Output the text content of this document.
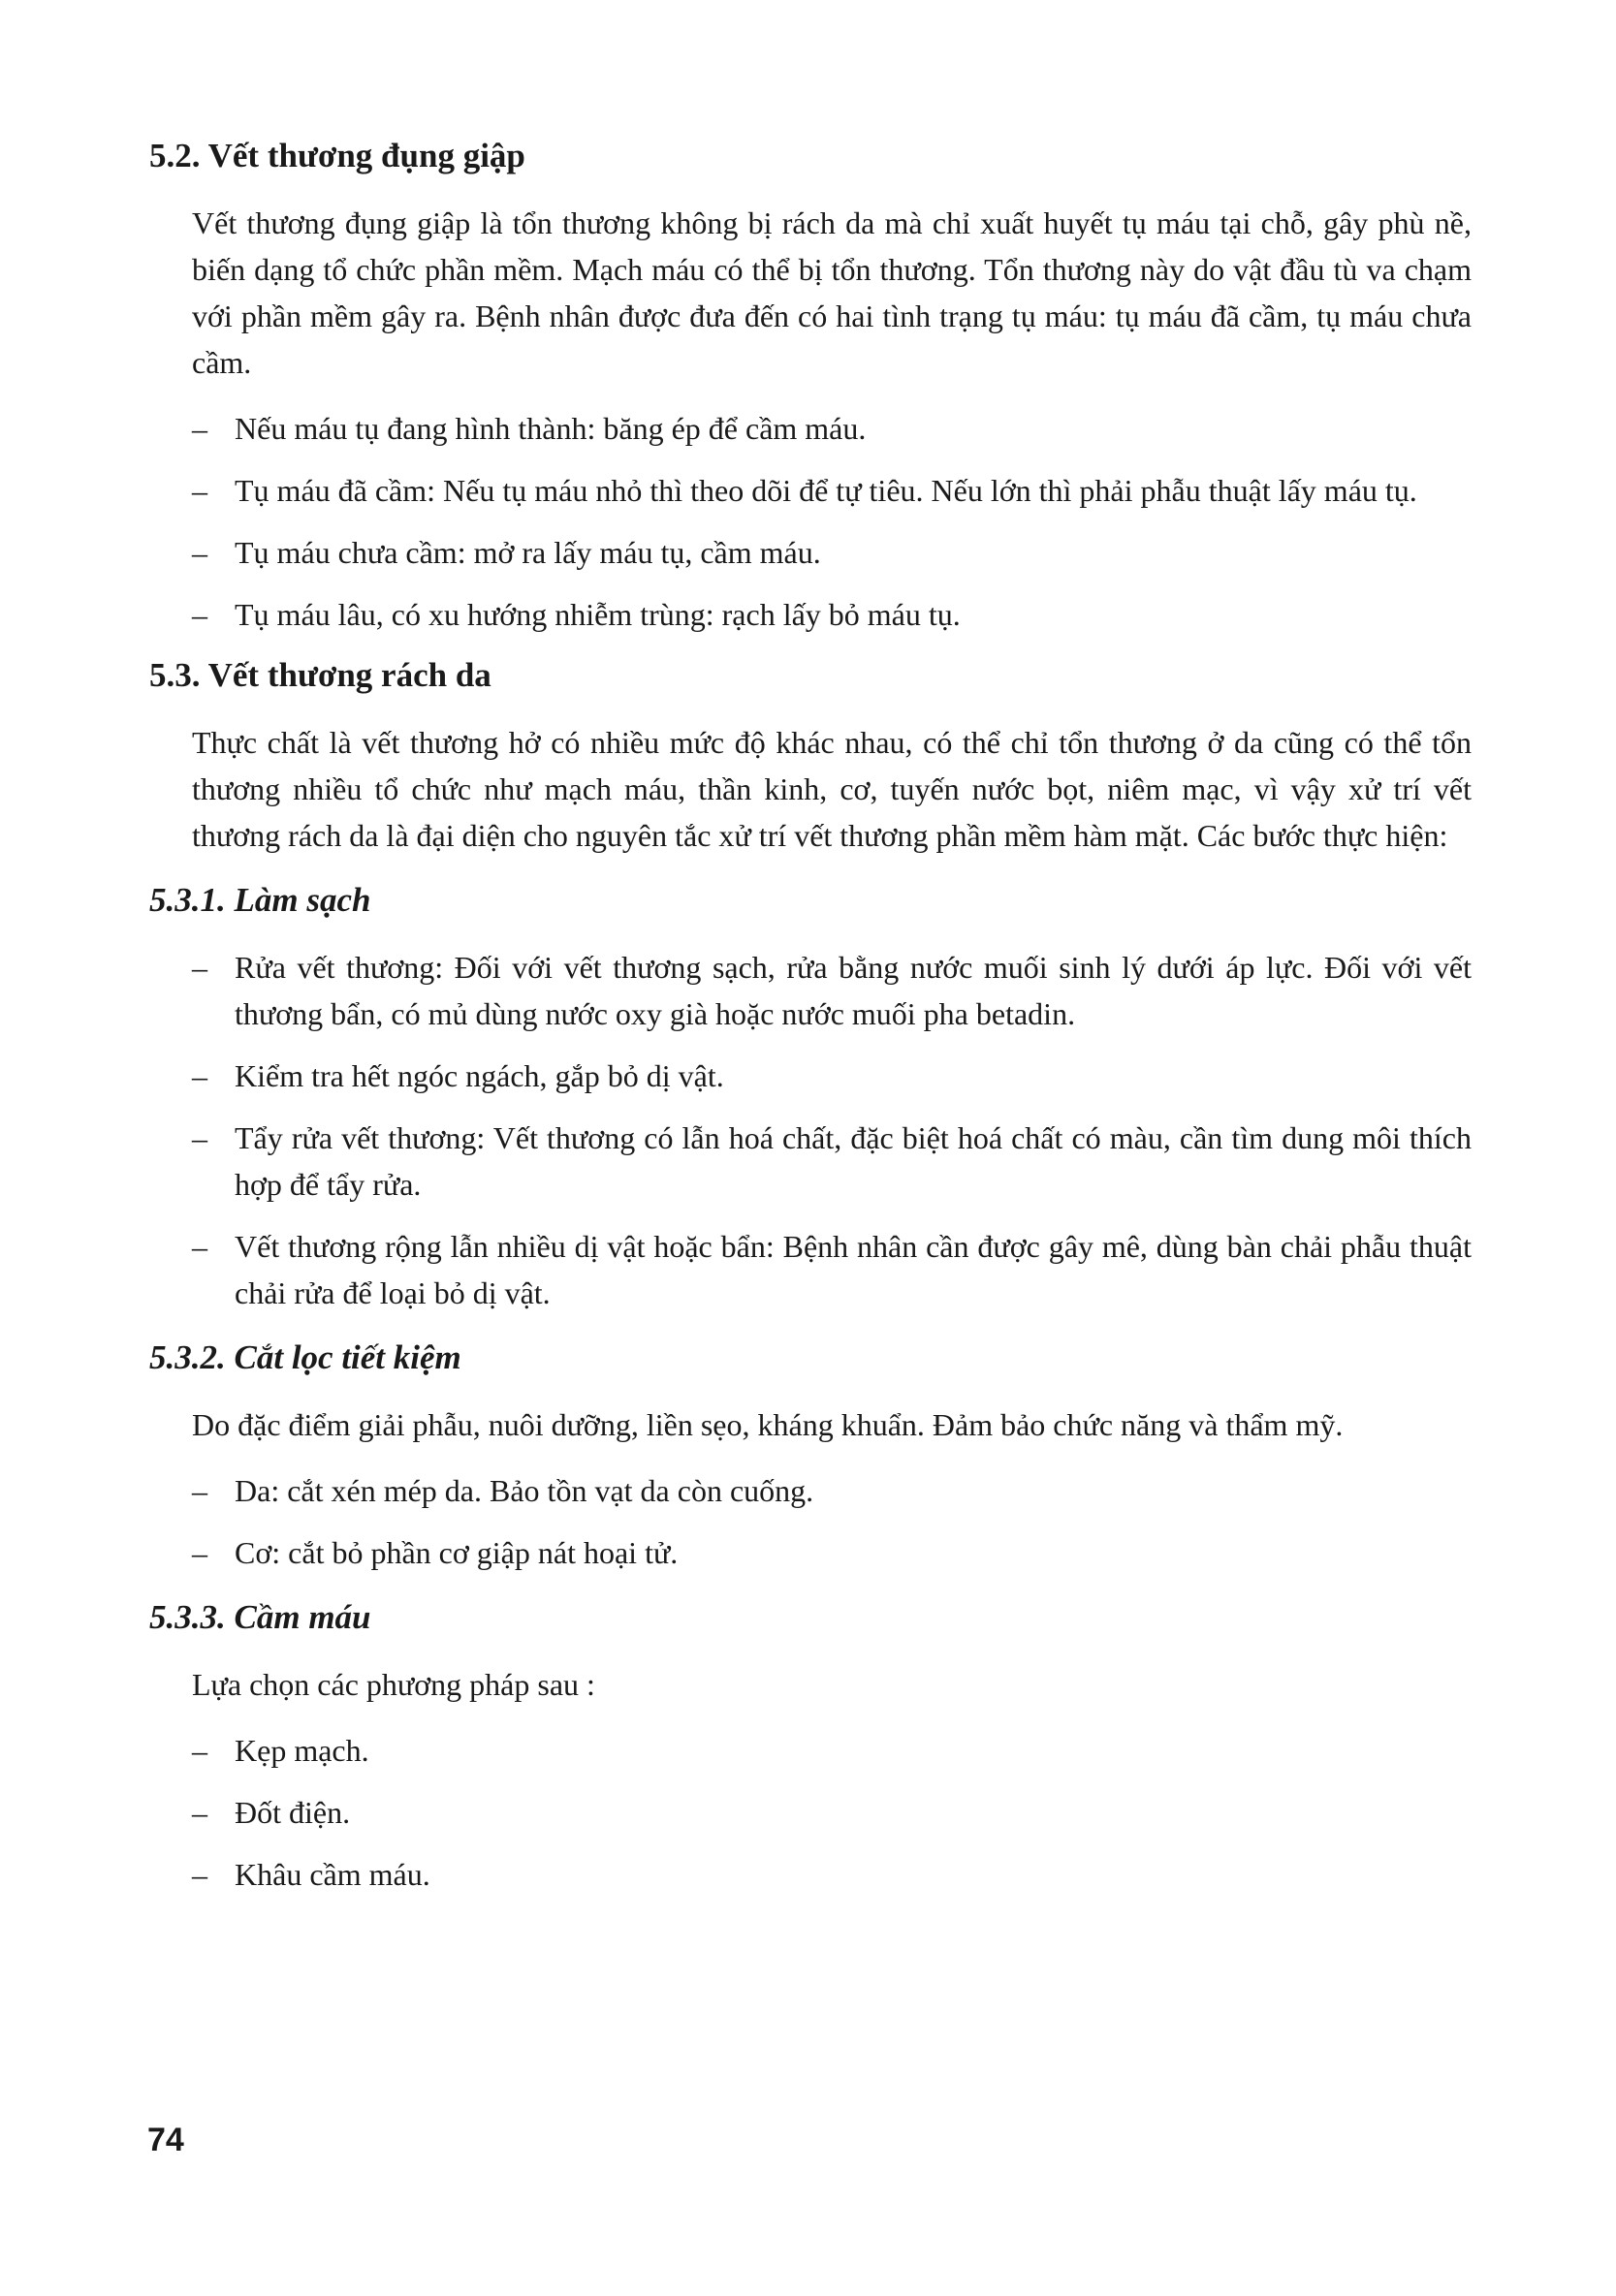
5.2. Vết thương đụng giập

Vết thương đụng giập là tổn thương không bị rách da mà chỉ xuất huyết tụ máu tại chỗ, gây phù nề, biến dạng tổ chức phần mềm. Mạch máu có thể bị tổn thương. Tổn thương này do vật đầu tù va chạm với phần mềm gây ra. Bệnh nhân được đưa đến có hai tình trạng tụ máu: tụ máu đã cầm, tụ máu chưa cầm.

– Nếu máu tụ đang hình thành: băng ép để cầm máu.
– Tụ máu đã cầm: Nếu tụ máu nhỏ thì theo dõi để tự tiêu. Nếu lớn thì phải phẫu thuật lấy máu tụ.
– Tụ máu chưa cầm: mở ra lấy máu tụ, cầm máu.
– Tụ máu lâu, có xu hướng nhiễm trùng: rạch lấy bỏ máu tụ.
5.3. Vết thương rách da

Thực chất là vết thương hở có nhiều mức độ khác nhau, có thể chỉ tổn thương ở da cũng có thể tổn thương nhiều tổ chức như mạch máu, thần kinh, cơ, tuyến nước bọt, niêm mạc, vì vậy xử trí vết thương rách da là đại diện cho nguyên tắc xử trí vết thương phần mềm hàm mặt. Các bước thực hiện:

5.3.1. Làm sạch
– Rửa vết thương: Đối với vết thương sạch, rửa bằng nước muối sinh lý dưới áp lực. Đối với vết thương bẩn, có mủ dùng nước oxy già hoặc nước muối pha betadin.
– Kiểm tra hết ngóc ngách, gắp bỏ dị vật.
– Tẩy rửa vết thương: Vết thương có lẫn hoá chất, đặc biệt hoá chất có màu, cần tìm dung môi thích hợp để tẩy rửa.
– Vết thương rộng lẫn nhiều dị vật hoặc bẩn: Bệnh nhân cần được gây mê, dùng bàn chải phẫu thuật chải rửa để loại bỏ dị vật.
5.3.2. Cắt lọc tiết kiệm

Do đặc điểm giải phẫu, nuôi dưỡng, liền sẹo, kháng khuẩn. Đảm bảo chức năng và thẩm mỹ.

– Da: cắt xén mép da. Bảo tồn vạt da còn cuống.
– Cơ: cắt bỏ phần cơ giập nát hoại tử.
5.3.3. Cầm máu

Lựa chọn các phương pháp sau :

– Kẹp mạch.
– Đốt điện.
– Khâu cầm máu.
74
